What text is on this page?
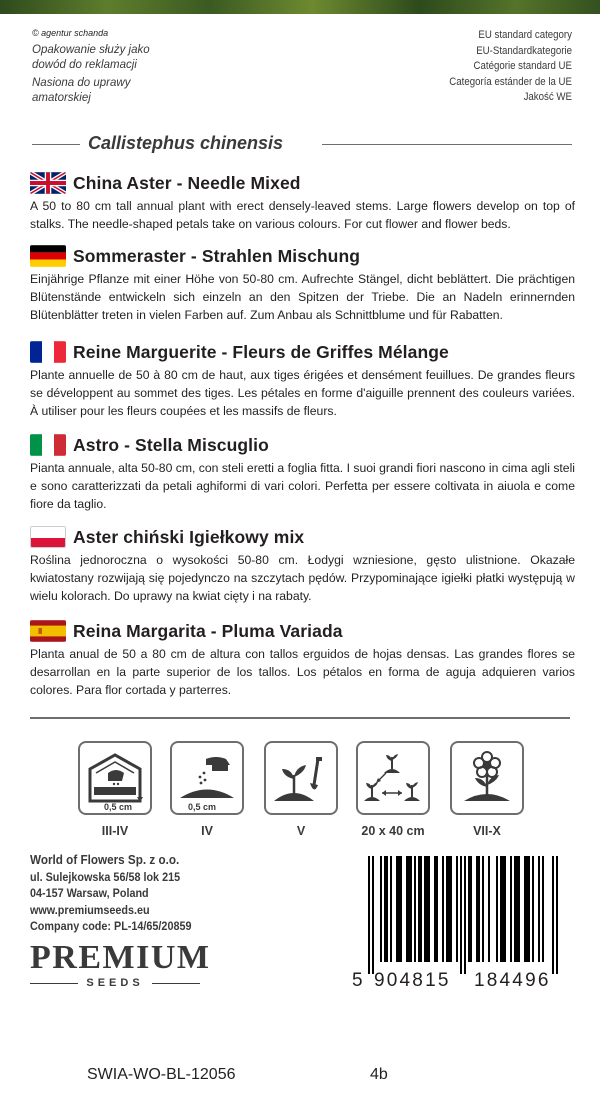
© agentur schanda
Opakowanie służy jako
dowód do reklamacji
Nasiona do uprawy
amatorskiej
EU standard category
EU-Standardkategorie
Catégorie standard UE
Categoría estánder de la UE
Jakość WE
Callistephus chinensis
China Aster - Needle Mixed

A 50 to 80 cm tall annual plant with erect densely-leaved stems. Large flowers develop on top of stalks. The needle-shaped petals take on various colours. For cut flower and flower beds.

Sommeraster - Strahlen Mischung

Einjährige Pflanze mit einer Höhe von 50-80 cm. Aufrechte Stängel, dicht beblättert. Die prächtigen Blütenstände entwickeln sich einzeln an den Spitzen der Triebe. Die an Nadeln erinnernden Blütenblätter treten in vielen Farben auf. Zum Anbau als Schnittblume und für Rabatten.

Reine Marguerite - Fleurs de Griffes Mélange

Plante annuelle de 50 à 80 cm de haut, aux tiges érigées et densément feuillues. De grandes fleurs se développent au sommet des tiges. Les pétales en forme d'aiguille prennent des couleurs variées. À utiliser pour les fleurs coupées et les massifs de fleurs.

Astro - Stella Miscuglio

Pianta annuale, alta 50-80 cm, con steli eretti a foglia fitta. I suoi grandi fiori nascono in cima agli steli e sono caratterizzati da petali aghiformi di vari colori. Perfetta per essere coltivata in aiuola e come fiore da taglio.

Aster chiński Igiełkowy mix

Roślina jednoroczna o wysokości 50-80 cm. Łodygi wzniesione, gęsto ulistnione. Okazałe kwiatostany rozwijają się pojedynczo na szczytach pędów. Przypominające igiełki płatki występują w wielu kolorach. Do uprawy na kwiat cięty i na rabaty.

Reina Margarita - Pluma Variada

Planta anual de 50 a 80 cm de altura con tallos erguidos de hojas densas. Las grandes flores se desarrollan en la parte superior de los tallos. Los pétalos en forma de aguja adquieren varios colores. Para flor cortada y parterres.

0,5 cm
III-IV
0,5 cm
IV	V	20 x 40 cm	VII-X
World of Flowers Sp. z o.o.
ul. Sulejkowska 56/58 lok 215
04-157 Warsaw, Poland
www.premiumseeds.eu
Company code: PL-14/65/20859
PREMIUM
SEEDS	5 904815 184496
SWIA-WO-BL-12056	4b
